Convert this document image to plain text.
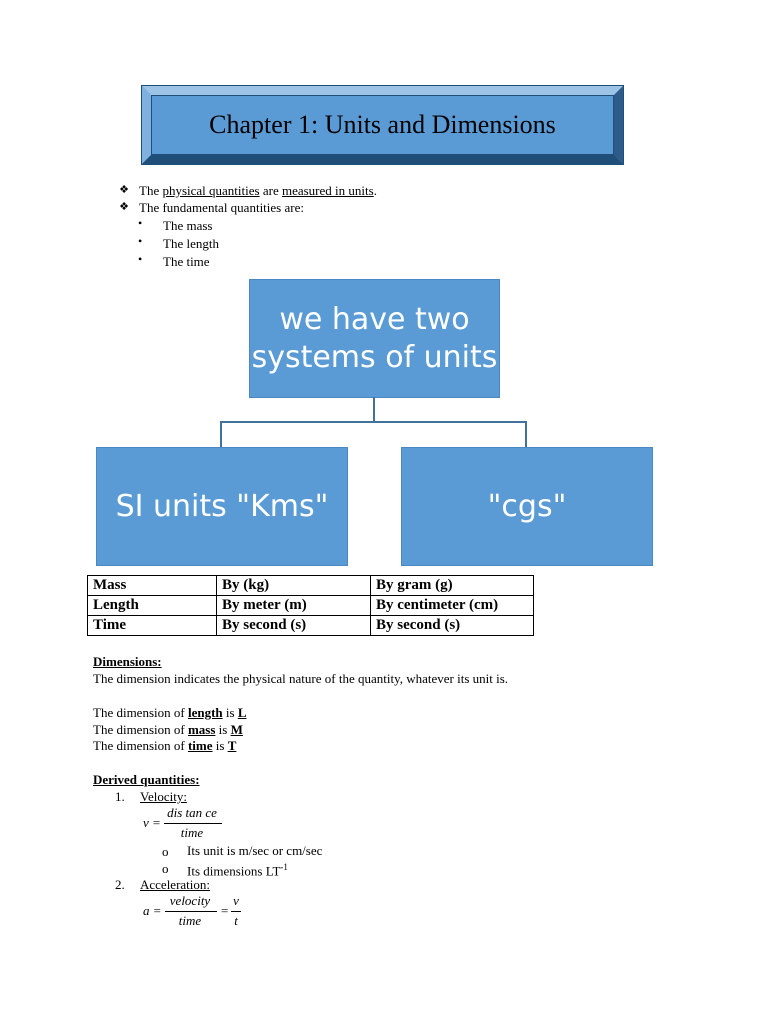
Chapter 1: Units and Dimensions
❖ The physical quantities are measured in units.
❖ The fundamental quantities are:
• The mass
• The length
• The time
we have two systems of units
SI units "Kms"	"cgs"
Mass	By (kg)	By gram (g)
Length	By meter (m)	By centimeter (cm)
Time	By second (s)	By second (s)
Dimensions:
The dimension indicates the physical nature of the quantity, whatever its unit is.
The dimension of length is L
The dimension of mass is M
The dimension of time is T
Derived quantities:
1. Velocity:
v =
dis tan ce
time
o Its unit is m/sec or cm/sec
o Its dimensions $LT^{-1}$
2. Acceleration:
a =
velocity
time
=
v
t
